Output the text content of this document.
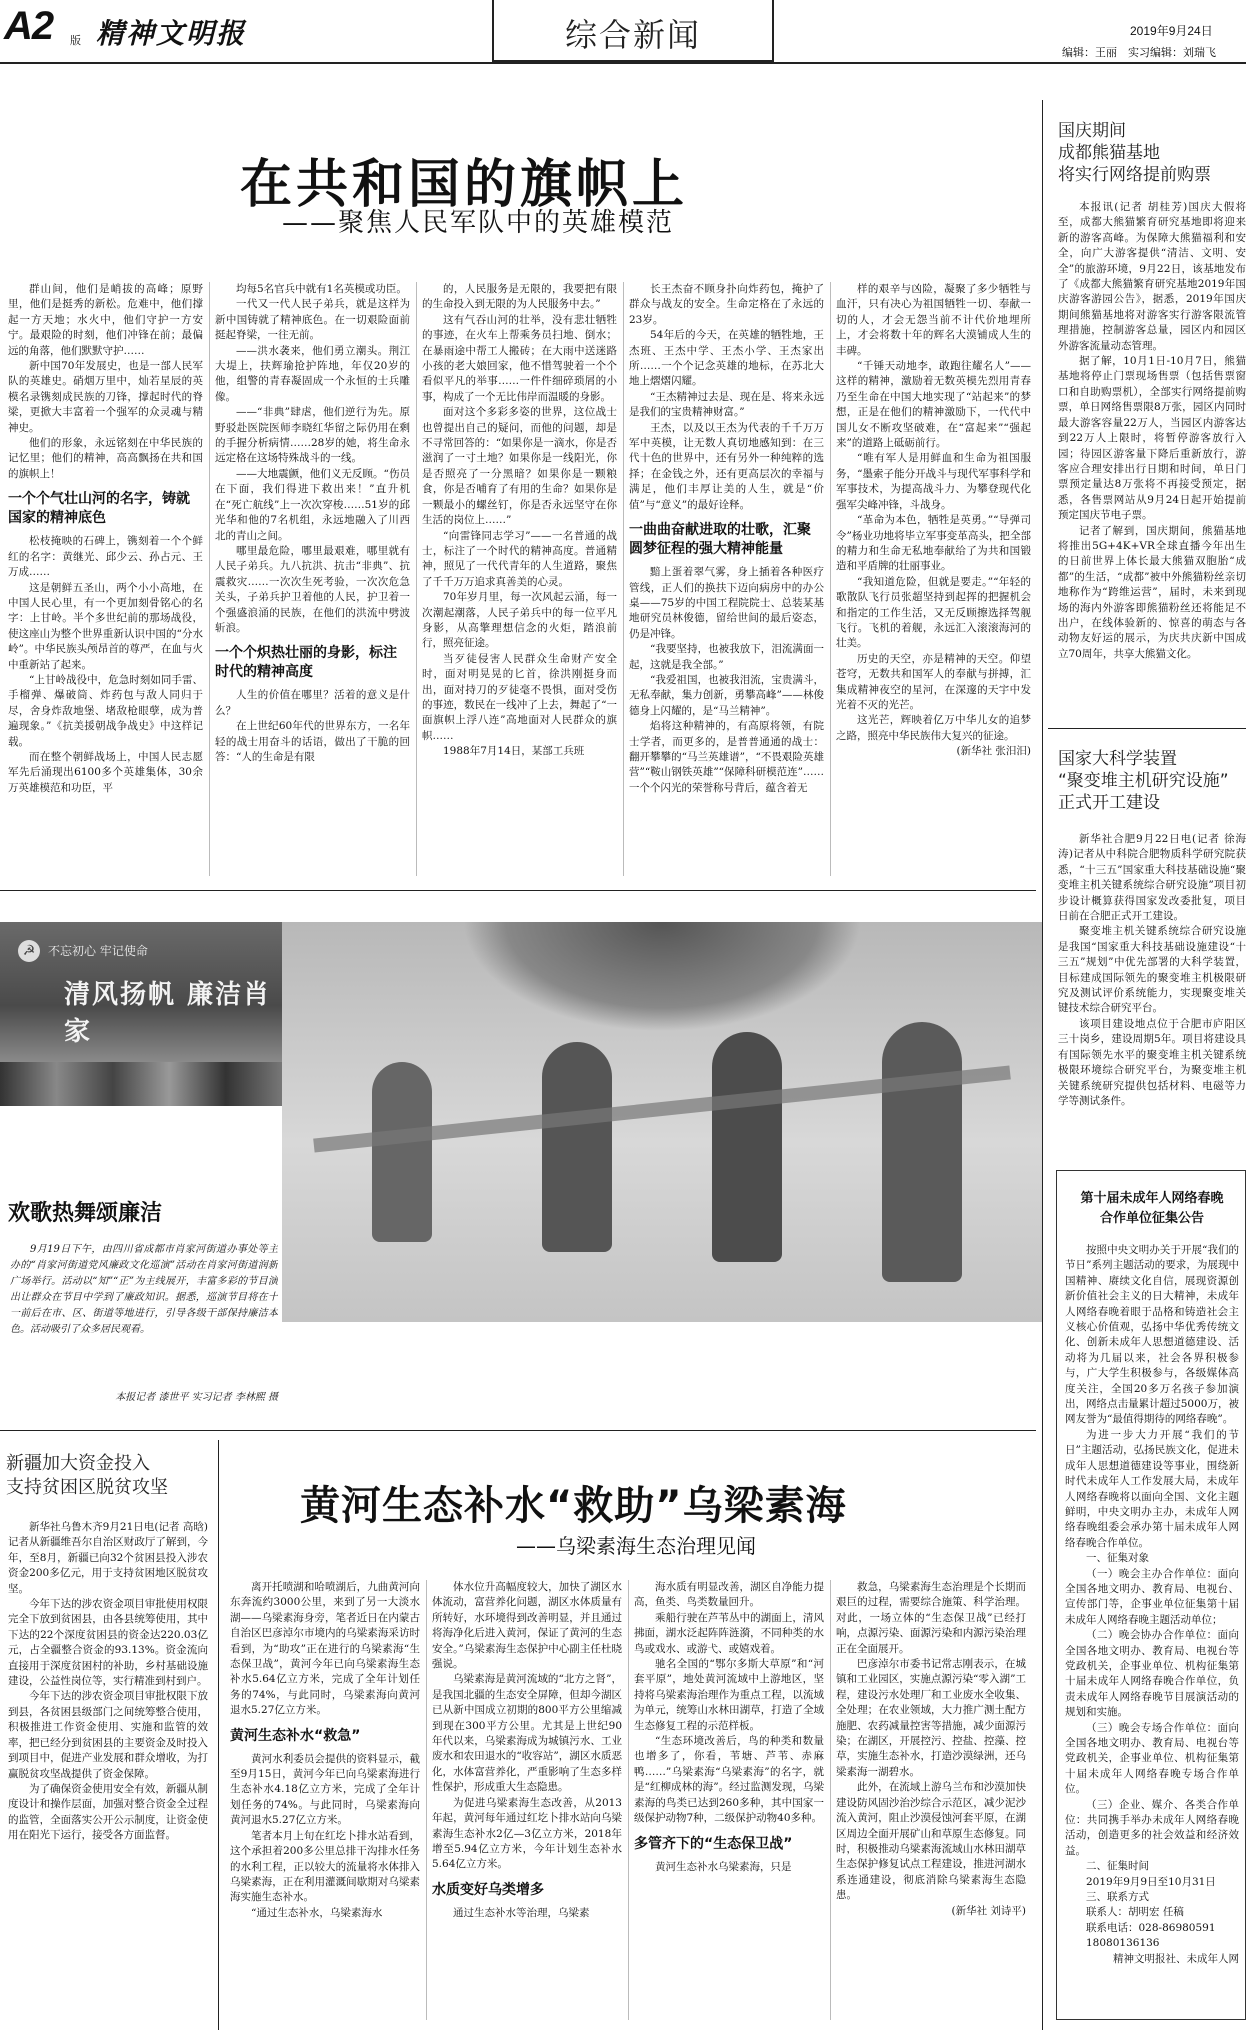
A2 版 精神文明报	综合新闻	2019年9月24日
编辑：王丽　实习编辑：刘瑞飞
在共和国的旗帜上
——聚焦人民军队中的英雄模范

群山间，他们是峭拔的高峰；原野里，他们是挺秀的新松。危难中，他们撑起一方天地；水火中，他们守护一方安宁。最艰险的时刻，他们冲锋在前；最偏远的角落，他们默默守护……

新中国70年发展史，也是一部人民军队的英雄史。硝烟万里中，灿若星辰的英模名录镌刻成民族的刀锋，撑起时代的脊梁，更掀大丰富着一个强军的众灵魂与精神史。

他们的形象，永远铭刻在中华民族的记忆里；他们的精神，高高飘扬在共和国的旗帜上！

一个个气壮山河的名字，铸就国家的精神底色

松枝掩映的石碑上，镌刻着一个个鲜红的名字：黄继光、邱少云、孙占元、王万成……

这是朝鲜五圣山，两个小小高地，在中国人民心里，有一个更加刻骨铭心的名字：上甘岭。半个多世纪前的那场战役，使这座山为整个世界重新认识中国的“分水岭”。中华民族头颅昂首的尊严，在血与火中重新站了起来。

“上甘岭战役中，危急时刻如同手雷、手榴弹、爆破筒、炸药包与敌人同归于尽，舍身炸敌地堡、堵敌枪眼孽，成为普遍现象。”《抗美援朝战争战史》中这样记载。

而在整个朝鲜战场上，中国人民志愿军先后涌现出6100多个英雄集体，30余万英雄模范和功臣，平

均每5名官兵中就有1名英模或功臣。

一代又一代人民子弟兵，就是这样为新中国铸就了精神底色。在一切艰险面前挺起脊梁，一往无前。

——洪水袭来，他们勇立潮头。荆江大堤上，扶辉瑜抢护阵地，年仅20岁的他，组警的青春凝固成一个永恒的士兵雕像。

——“非典”肆虐，他们逆行为先。原野驳赴医院医师李晓红华留之际仍用在剩的手握分析病情……28岁的她，将生命永远定格在这场特殊战斗的一线。

——大地震颤，他们义无反顾。“伤员在下面，我们得进下救出来！”直升机在“死亡航线”上一次次穿梭……51岁的邱光华和他的7名机组，永远地融入了川西北的青山之间。

哪里最危险，哪里最艰难，哪里就有人民子弟兵。九八抗洪、抗击“非典”、抗震救灾……一次次生死考验，一次次危急关头，子弟兵护卫着他的人民，护卫着一个强盛浪涌的民族，在他们的洪流中劈波斩浪。

一个个炽热壮丽的身影，标注时代的精神高度

人生的价值在哪里？活着的意义是什么？

在上世纪60年代的世界东方，一名年轻的战士用奋斗的话语，做出了干脆的回答：“人的生命是有限

的，人民服务是无限的，我要把有限的生命投入到无限的为人民服务中去。”

这有气吞山河的壮举，没有悲壮牺牲的事迹，在火车上帮乘务员扫地、倒水；在暴雨途中帮工人搬砖；在大雨中送迷路小孩的老大娘回家，他不惜驾驶着一个个看似平凡的举事……一件件细碎琐屑的小事，构成了一个无比伟岸而温暖的身影。

面对这个多彩多姿的世界，这位战士也曾提出自己的疑问，而他的问题，却是不寻常回答的：“如果你是一滴水，你是否滋润了一寸土地？如果你是一线阳光，你是否照亮了一分黑暗？如果你是一颗粮食，你是否哺育了有用的生命？如果你是一颗最小的螺丝钉，你是否永远坚守在你生活的岗位上……”

“向雷锋同志学习”——一名普通的战士，标注了一个时代的精神高度。普通精神，照见了一代代青年的人生道路，聚焦了千千万万追求真善美的心灵。

70年岁月里，每一次风起云涌，每一次潮起潮落，人民子弟兵中的每一位平凡身影，从高擎理想信念的火炬，踏浪前行，照亮征途。

当歹徒侵害人民群众生命财产安全时，面对明晃晃的匕首，徐洪刚挺身而出，面对持刀的歹徒毫不畏惧，面对受伤的事迹，数民在一线冲了上去，舞起了“一面旗帜上浮八连”高地面对人民群众的旗帜……

1988年7月14日，某部工兵班

长王杰奋不顾身扑向炸药包，掩护了群众与战友的安全。生命定格在了永远的23岁。

54年后的今天，在英雄的牺牲地，王杰班、王杰中学、王杰小学、王杰家出所……一个个记念英雄的地标，在苏北大地上熠熠闪耀。

“王杰精神过去是、现在是、将来永远是我们的宝贵精神财富。”

王杰，以及以王杰为代表的千千万万军中英模，让无数人真切地感知到：在三代十色的世界中，还有另外一种纯粹的选择；在金钱之外，还有更高层次的幸福与满足，他们丰厚让美的人生，就是“价值”与“意义”的最好诠释。

一曲曲奋献进取的壮歌，汇聚圆梦征程的强大精神能量

黯上蛋着翠气雾，身上插着各种医疗管线，正人们的换扶下迈向病房中的办公桌——75岁的中国工程院院士、总装某基地研究员林俊德，留给世间的最后姿态，仍是冲锋。

“我要坚持，也被我放下，泪流满面一起，这就是我全部。”

“我爱祖国，也被我泪流，宝贵满斗，无私奉献，集力创新，勇攀高峰”——林俊德身上闪耀的，是“马兰精神”。

焰将这种精神的，有高原将领，有院士学者，而更多的，是普普通通的战士：翻开攀攀的“马兰英雄谱”，“不畏艰险英雄营”“鞍山钢铁英雄”“保障科研模范连”……一个个闪光的荣誉称号背后，蕴含着无

样的艰辛与凶险，凝聚了多少牺牲与血汗，只有决心为祖国牺牲一切、奉献一切的人，才会无怨当前不计代价地埋所上，才会将数十年的辉名大漠铺成人生的丰碑。

“千锤天动地李，敢跑往耀名人”——这样的精神，激励着无数英模先烈用青春乃至生命在中国大地实现了“站起来”的梦想，正是在他们的精神激励下，一代代中国儿女不断攻坚破难，在“富起来”“强起来”的道路上砥砺前行。

“唯有军人是用鲜血和生命为祖国服务，“墨索子能分开战斗与现代军事科学和军事技术，为提高战斗力、为攀登现代化强军尖峰冲锋，斗战身。

“革命为本色，牺牲是英勇。”“导弹司令”杨业功地将毕立军事变革高头，把全部的精力和生命无私地奉献给了为共和国锻造和平盾牌的壮丽事业。

“我知道危险，但就是要走。”“年轻的歌散队飞行员张超坚持到起挥的把握机会和指定的工作生活，又无反顾擦选择驾舰飞行。飞机的着舰，永远汇入滚滚海河的壮美。

历史的天空，亦是精神的天空。仰望苍穹，无数共和国军人的奉献与拼搏，汇集成精神夜空的星河，在深邃的天宇中发光着不灭的光芒。

这光芒，辉映着亿万中华儿女的追梦之路，照亮中华民族伟大复兴的征途。

(新华社 张汨汨)

国庆期间
成都熊猫基地
将实行网络提前购票

本报讯(记者 胡桂芳)国庆大假将至，成都大熊猫繁育研究基地即将迎来新的游客高峰。为保障大熊猫福利和安全，向广大游客提供“清洁、文明、安全”的旅游环境，9月22日，该基地发布了《成都大熊猫繁育研究基地2019年国庆游客游园公告》，据悉，2019年国庆期间熊猫基地将对游客实行游客限流管理措施，控制游客总量，园区内和园区外游客流量动态管理。

据了解，10月1日-10月7日，熊猫基地将停止门票现场售票（包括售票窗口和自助购票机），全部实行网络提前购票，单日网络售票限8万张，园区内同时最大游客容量22万人，当园区内游客达到22万人上限时，将暂停游客放行入园；待园区游客量下降后重新放行，游客应合理安排出行日期和时间，单日门票预定量达8万张将不再接受预定，据悉，各售票网站从9月24日起开始提前预定国庆节电子票。

记者了解到，国庆期间，熊猫基地将推出5G+4K+VR全球直播今年出生的日前世界上体长最大熊猫双胞胎“成都”的生活，“成都”被中外熊猫粉丝亲切地称作为“跨维运营”，届时，未来到现场的海内外游客即熊猫粉丝还将能足不出户，在线体验新的、惊喜的萌态与各动物友好运的展示，为庆共庆新中国成立70周年，共享大熊猫文化。

国家大科学装置
“聚变堆主机研究设施”
正式开工建设

新华社合肥9月22日电(记者 徐海涛)记者从中科院合肥物质科学研究院获悉，“十三五”国家重大科技基础设施“聚变堆主机关键系统综合研究设施”项目初步设计概算获得国家发改委批复，项目日前在合肥正式开工建设。

聚变堆主机关键系统综合研究设施是我国“国家重大科技基础设施建设“十三五”规划”中优先部署的大科学装置，目标建成国际领先的聚变堆主机极限研究及测试评价系统能力，实现聚变堆关键技术综合研究平台。

该项目建设地点位于合肥市庐阳区三十岗乡，建设周期5年。项目将建设具有国际领先水平的聚变堆主机关键系统极限环境综合研究平台，为聚变堆主机关键系统研究提供包括材料、电磁等力学等测试条件。

第十届未成年人网络春晚
合作单位征集公告

按照中央文明办关于开展“我们的节日”系列主题活动的要求，为展现中国精神、赓续文化自信，展现资源创新价值社会主义的日大精神，未成年人网络春晚着眼于品格和铸造社会主义核心价值观，弘扬中华优秀传统文化、创新未成年人思想道德建设、活动将为几届以来，社会各界积极参与，广大学生积极参与，各级媒体高度关注，全国20多万名孩子参加演出，网络点击量累计超过5000万，被网友誉为“最值得期待的网络春晚”。

为进一步大力开展“我们的节日”主题活动，弘扬民族文化，促进未成年人思想道德建设等事业，围绕新时代未成年人工作发展大局，未成年人网络春晚将以面向全国、文化主题鲜明，中央文明办主办，未成年人网络春晚组委会承办第十届未成年人网络春晚合作单位。

一、征集对象

（一）晚会主办合作单位：面向全国各地文明办、教育局、电视台、宣传部门等，企事业单位征集第十届未成年人网络春晚主题活动单位；

（二）晚会协办合作单位：面向全国各地文明办、教育局、电视台等党政机关，企事业单位、机构征集第十届未成年人网络春晚合作单位，负责未成年人网络春晚节目展演活动的规划和实施。

（三）晚会专场合作单位：面向全国各地文明办、教育局、电视台等党政机关，企事业单位、机构征集第十届未成年人网络春晚专场合作单位。

（三）企业、媒介、各类合作单位：共同携手举办未成年人网络春晚活动，创造更多的社会效益和经济效益。

二、征集时间

2019年9月9日至10月31日

三、联系方式

联系人：胡明宏 任稿

联系电话：028-86980591

18080136136

精神文明报社、未成年人网

☭	不忘初心 牢记使命
清风扬帆 廉洁肖家
欢歌热舞颂廉洁
9月19日下午，由四川省成都市肖家河街道办事处等主办的“肖家河街道党风廉政文化巡演”活动在肖家河街道润新广场举行。活动以“知”“正”为主线展开，丰富多彩的节目演出让群众在节目中学到了廉政知识。据悉，巡演节目将在十一前后在市、区、街道等地进行，引导各级干部保持廉洁本色。活动吸引了众多居民观看。
本报记者 漆世平 实习记者 李林熙 摄
新疆加大资金投入
支持贫困区脱贫攻坚

新华社乌鲁木齐9月21日电(记者 高晗)记者从新疆维吾尔自治区财政厅了解到，今年，至8月，新疆已向32个贫困县投入涉农资金200多亿元，用于支持贫困地区脱贫攻坚。

今年下达的涉农资金项目审批使用权限完全下放到贫困县，由各县统筹使用，其中下达的22个深度贫困县的资金达220.03亿元，占全疆整合资金的93.13%。资金流向直接用于深度贫困村的补助，乡村基础设施建设，公益性岗位等，实行精准到村到户。

今年下达的涉农资金项目审批权限下放到县，各贫困县级部门之间统筹整合使用，积极推进工作资金使用、实施和监管的效率，把已经分到贫困县的主要资金及时投入到项目中，促进产业发展和群众增收，为打赢脱贫攻坚战提供了资金保障。

为了确保资金使用安全有效，新疆从制度设计和操作层面，加强对整合资金全过程的监管，全面落实公开公示制度，让资金使用在阳光下运行，接受各方面监督。

黄河生态补水“救助”乌梁素海
——乌梁素海生态治理见闻

离开托喷湖和哈喷湖后，九曲黄河向东奔流约3000公里，来到了另一大淡水湖——乌梁素海身旁，笔者近日在内蒙古自治区巴彦淖尔市境内的乌梁素海采访时看到，为“助攻”正在进行的乌梁素海“生态保卫战”，黄河今年已向乌梁素海生态补水5.64亿立方米，完成了全年计划任务的74%，与此同时，乌梁素海向黄河退水5.27亿立方米。

黄河生态补水“救急”

黄河水利委员会提供的资料显示，截至9月15日，黄河今年已向乌梁素海进行生态补水4.18亿立方米，完成了全年计划任务的74%。与此同时，乌梁素海向黄河退水5.27亿立方米。

笔者本月上旬在红圪卜排水站看到，这个承担着200多公里总排干沟排水任务的水利工程，正以较大的流量将水体排入乌梁素海，正在利用灌溉间歇期对乌梁素海实施生态补水。

“通过生态补水，乌梁素海水

体水位升高幅度较大，加快了湖区水体流动，富营养化问题，湖区水体质量有所转好，水环境得到改善明显，并且通过将海净化后进入黄河，保证了黄河的生态安全。”乌梁素海生态保护中心副主任杜晓强说。

乌梁素海是黄河流域的“北方之肾”，是我国北疆的生态安全屏障，但却今湖区已从新中国成立初期的800平方公里缩减到现在300平方公里。尤其是上世纪90年代以来，乌梁素海成为城镇污水、工业废水和农田退水的“收容站”，湖区水质恶化，水体富营养化，严重影响了生态多样性保护，形成重大生态隐患。

为促进乌梁素海生态改善，从2013年起，黄河每年通过红圪卜排水站向乌梁素海生态补水2亿—3亿立方米，2018年增至5.94亿立方米，今年计划生态补水5.64亿立方米。

水质变好乌类增多

通过生态补水等治理，乌梁素

海水质有明显改善，湖区自净能力提高，鱼类、鸟类数量回升。

乘船行驶在芦苇丛中的湖面上，清风拂面，湖水泛起阵阵涟漪，不同种类的水鸟或戏水、或游弋、或嬉戏着。

驰名全国的“鄂尔多斯大草原”和“河套平原”，地处黄河流域中上游地区，坚持将乌梁素海治理作为重点工程，以流域为单元，统筹山水林田湖草，打造了全域生态修复工程的示范样板。

“生态环境改善后，鸟的种类和数量也增多了，你看，苇塘、芦苇、赤麻鸭……”乌梁素海“乌梁素海”的名字，就是“红柳成林的海”。经过监测发现，乌梁素海的鸟类已达到260多种，其中国家一级保护动物7种，二级保护动物40多种。

多管齐下的“生态保卫战”

黄河生态补水乌梁素海，只是

救急，乌梁素海生态治理是个长期而艰巨的过程，需要综合施策、科学治理。对此，一场立体的“生态保卫战”已经打响，点源污染、面源污染和内源污染治理正在全面展开。

巴彦淖尔市委书记常志刚表示，在城镇和工业园区，实施点源污染“零入湖”工程，建设污水处理厂和工业废水全收集、全处理；在农业领域，大力推广测土配方施肥、农药减量控害等措施，减少面源污染；在湖区，开展控污、控盐、控藻、控草，实施生态补水，打造沙漠绿洲，还乌梁素海一湖碧水。

此外，在流域上游乌兰布和沙漠加快建设防风固沙治沙综合示范区，减少泥沙流入黄河，阻止沙漠侵蚀河套平原，在湖区周边全面开展矿山和草原生态修复。同时，积极推动乌梁素海流域山水林田湖草生态保护修复试点工程建设，推进河湖水系连通建设，彻底消除乌梁素海生态隐患。

(新华社 刘诗平)
